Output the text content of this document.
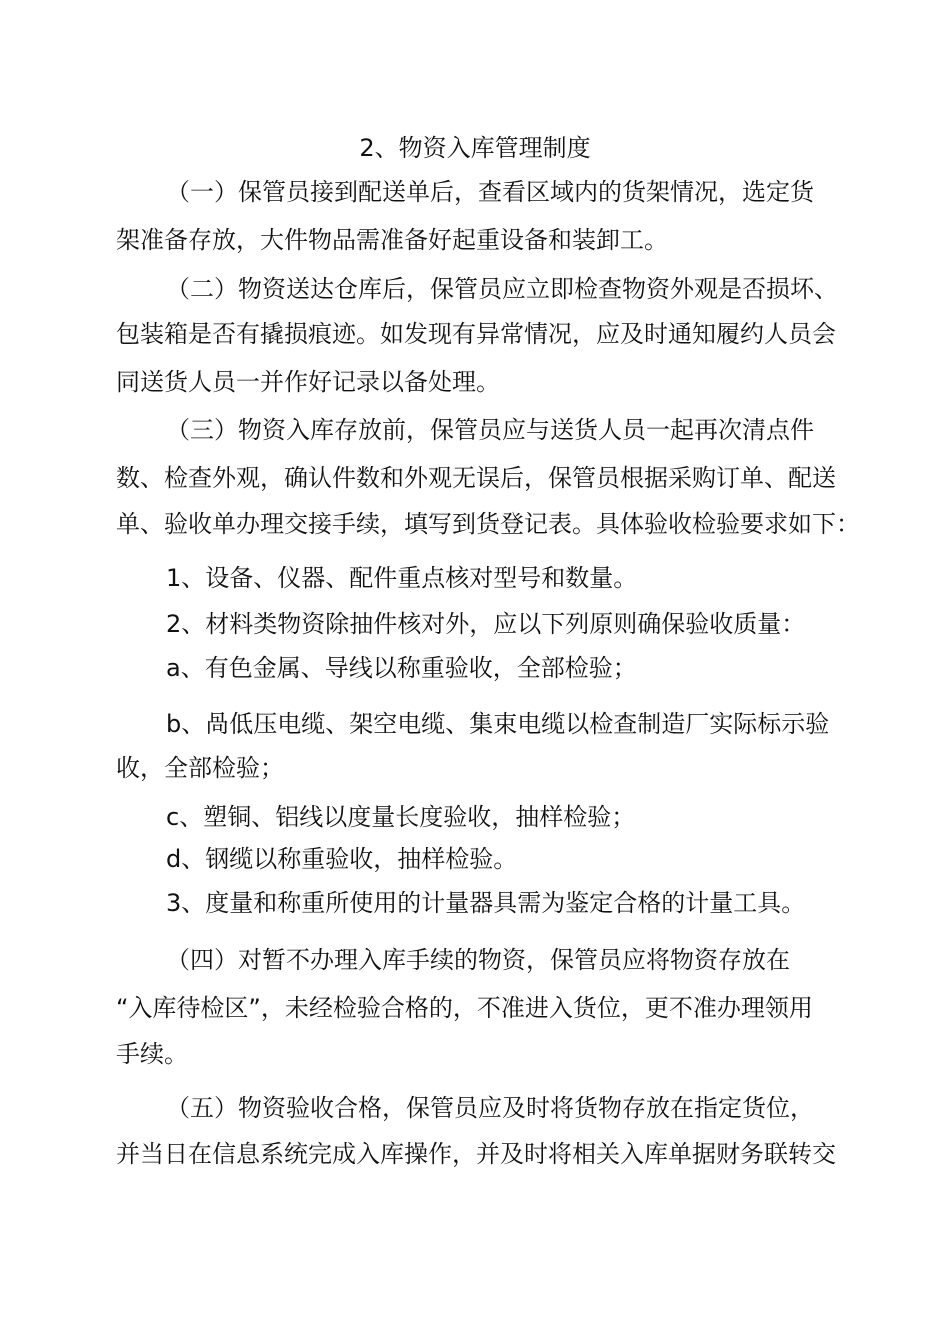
2、物资入库管理制度

（一）保管员接到配送单后，查看区域内的货架情况，选定货

架准备存放，大件物品需准备好起重设备和装卸工。

（二）物资送达仓库后，保管员应立即检查物资外观是否损坏、

包装箱是否有撬损痕迹。如发现有异常情况，应及时通知履约人员会

同送货人员一并作好记录以备处理。

（三）物资入库存放前，保管员应与送货人员一起再次清点件

数、检查外观，确认件数和外观无误后，保管员根据采购订单、配送

单、验收单办理交接手续，填写到货登记表。具体验收检验要求如下：

1、设备、仪器、配件重点核对型号和数量。

2、材料类物资除抽件核对外，应以下列原则确保验收质量：

a、有色金属、导线以称重验收，全部检验；

b、咼低压电缆、架空电缆、集束电缆以检查制造厂实际标示验

收，全部检验；

c、塑铜、铝线以度量长度验收，抽样检验；

d、钢缆以称重验收，抽样检验。

3、度量和称重所使用的计量器具需为鉴定合格的计量工具。

（四）对暂不办理入库手续的物资，保管员应将物资存放在

“入库待检区”，未经检验合格的，不准进入货位，更不准办理领用

手续。

（五）物资验收合格，保管员应及时将货物存放在指定货位，

并当日在信息系统完成入库操作，并及时将相关入库单据财务联转交
